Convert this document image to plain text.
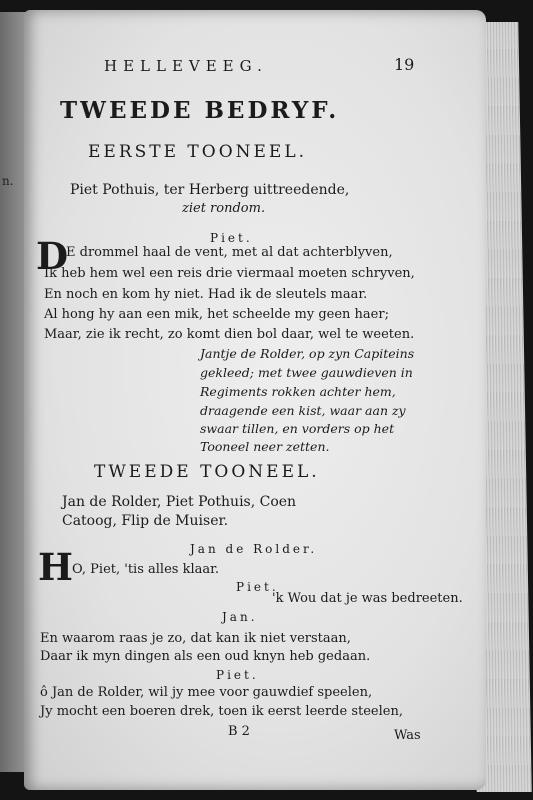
n.
HELLEVEEG.	19
TWEEDE BEDRYF.
EERSTE TOONEEL.
Piet Pothuis, ter Herberg uittreedende,
ziet rondom.
Piet.
D
E drommel haal de vent, met al dat achterblyven,
Ik heb hem wel een reis drie viermaal moeten schryven,
En noch en kom hy niet. Had ik de sleutels maar.
Al hong hy aan een mik, het scheelde my geen haer;
Maar, zie ik recht, zo komt dien bol daar, wel te weeten.
Jantje de Rolder, op zyn Capiteins
gekleed; met twee gauwdieven in
Regiments rokken achter hem,
draagende een kist, waar aan zy
swaar tillen, en vorders op het
Tooneel neer zetten.
TWEEDE TOONEEL.
Jan de Rolder, Piet Pothuis, Coen
Catoog, Flip de Muiser.
Jan de Rolder.
H O, Piet, 'tis alles klaar.
Piet.
'k Wou dat je was bedreeten.
Jan.
En waarom raas je zo, dat kan ik niet verstaan,
Daar ik myn dingen als een oud knyn heb gedaan.
Piet.
ô Jan de Rolder, wil jy mee voor gauwdief speelen,
Jy mocht een boeren drek, toen ik eerst leerde steelen,
B 2	Was
